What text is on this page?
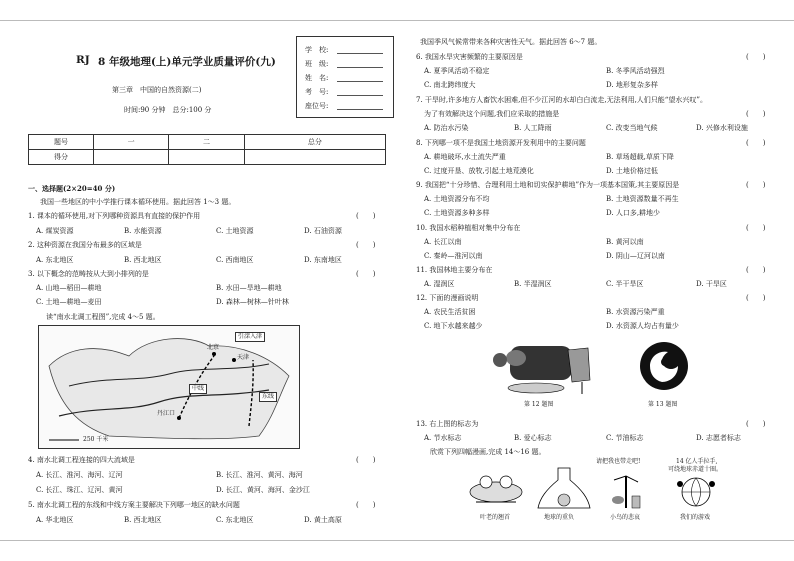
RJ 8 年级地理(上)单元学业质量评价(九)
第三章　中国的自然资源(二)
时间:90 分钟　总分:100 分
学　校:
班　级:
姓　名:
考　号:
座位号:
题号	一	二	总分
得分			
一、选择题(2×20=40 分)
我国一些地区的中小学推行课本循环使用。据此回答 1～3 题。
1. 课本的循环使用,对下列哪种资源具有直接的保护作用	(　　)
A. 煤炭资源	B. 水能资源	C. 土地资源	D. 石油资源
2. 这种资源在我国分布最多的区域是	(　　)
A. 东北地区	B. 西北地区	C. 西南地区	D. 东南地区
3. 以下概念的范畴按从大到小排列的是	(　　)
A. 山地—稻田—耕地	B. 水田—旱地—耕地
C. 土地—耕地—麦田	D. 森林—树林—针叶林
读“南水北调工程图”,完成 4～5 题。
丹江口
北京
天津
引滦入津
中线
东线
250 千米
4. 南水北调工程连接的四大流域是	(　　)
A. 长江、淮河、海河、辽河	B. 长江、淮河、黄河、海河
C. 长江、珠江、辽河、黄河	D. 长江、黄河、海河、金沙江
5. 南水北调工程的东线和中线方案主要解决下列哪一地区的缺水问题	(　　)
A. 华北地区	B. 西北地区	C. 东北地区	D. 黄土高原
我国季风气候常带来各种灾害性天气。据此回答 6～7 题。
6. 我国水旱灾害频繁的主要原因是	(　　)
A. 夏季风活动不稳定	B. 冬季风活动强烈
C. 南北跨纬度大	D. 地形复杂多样
7. 干旱时,许多地方人畜饮水困难,但不少江河的水却白白流走,无法利用,人们只能“望水兴叹”。
为了有效解决这个问题,我们应采取的措施是	(　　)
A. 防治水污染	B. 人工降雨	C. 改变当地气候	D. 兴修水利设施
8. 下列哪一项不是我国土地资源开发利用中的主要问题	(　　)
A. 耕地破坏,水土流失严重	B. 草场超载,草质下降
C. 过度开垦、放牧,引起土地荒漠化	D. 土地价格过低
9. 我国把“十分珍惜、合理利用土地和切实保护耕地”作为一项基本国策,其主要原因是	(　　)
A. 土地资源分布不均	B. 土地资源数量不再生
C. 土地资源多种多样	D. 人口多,耕地少
10. 我国水稻种植相对集中分布在	(　　)
A. 长江以南	B. 黄河以南
C. 秦岭—淮河以南	D. 阴山—辽河以南
11. 我国林地主要分布在	(　　)
A. 湿润区	B. 半湿润区	C. 半干旱区	D. 干旱区
12. 下面的漫画说明	(　　)
A. 农民生活贫困	B. 水资源污染严重
C. 地下水越来越少	D. 水资源人均占有量少
第 12 题图	第 13 题图
13. 右上图的标志为	(　　)
A. 节水标志	B. 爱心标志	C. 节油标志	D. 志愿者标志
欣赏下列四幅漫画,完成 14～16 题。
叶老的翘首	地球的重负
请把我也带走吧!
小鸟的悲哀
14 亿人手拉手,
可绕地球赤道十圈。
我们的游戏
